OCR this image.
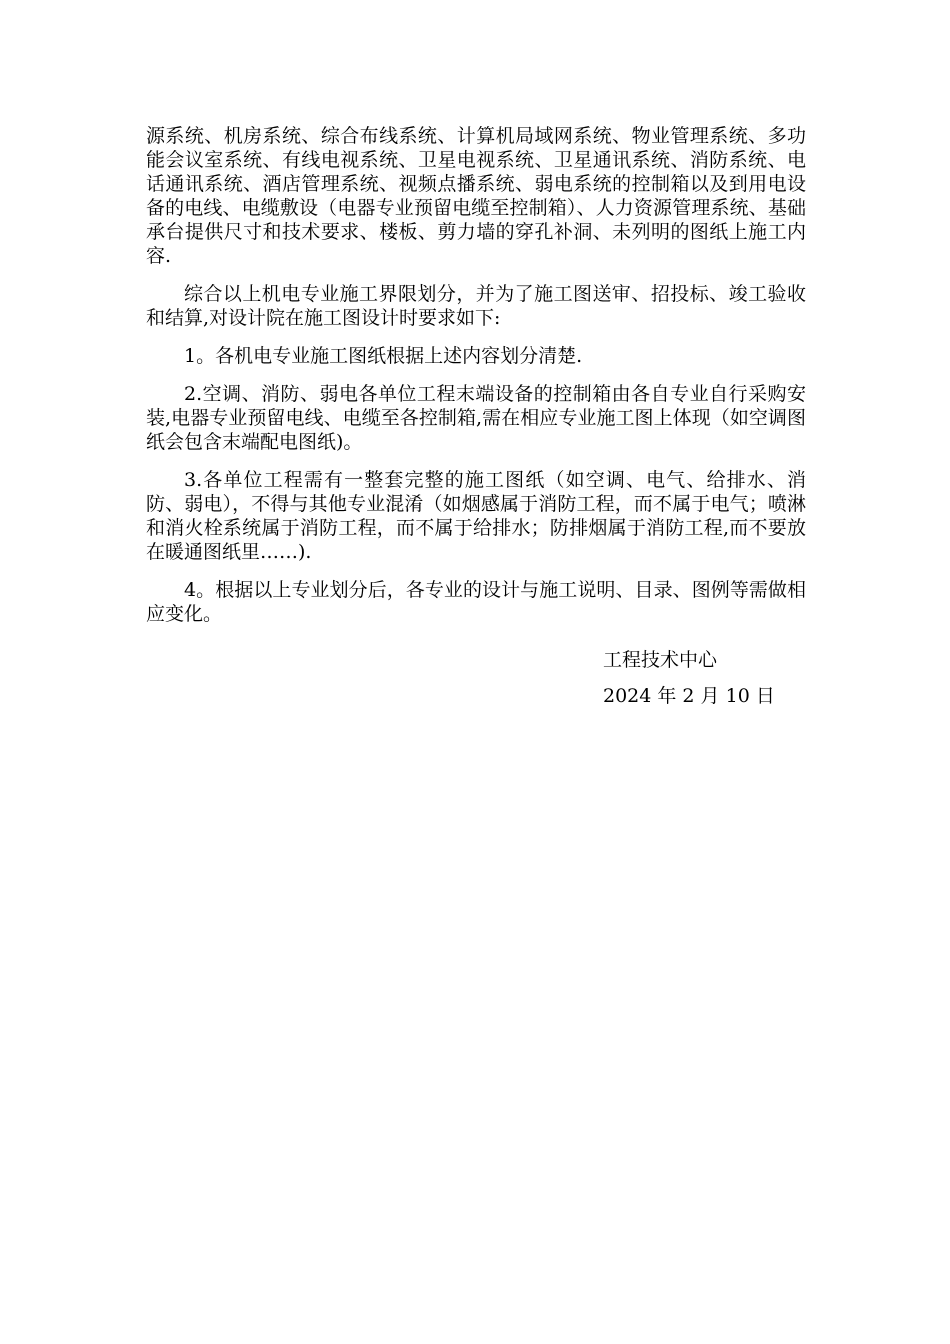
源系统、机房系统、综合布线系统、计算机局域网系统、物业管理系统、多功能会议室系统、有线电视系统、卫星电视系统、卫星通讯系统、消防系统、电话通讯系统、酒店管理系统、视频点播系统、弱电系统的控制箱以及到用电设备的电线、电缆敷设（电器专业预留电缆至控制箱）、人力资源管理系统、基础承台提供尺寸和技术要求、楼板、剪力墙的穿孔补洞、未列明的图纸上施工内容.

综合以上机电专业施工界限划分，并为了施工图送审、招投标、竣工验收和结算,对设计院在施工图设计时要求如下:

1。各机电专业施工图纸根据上述内容划分清楚.

2.空调、消防、弱电各单位工程末端设备的控制箱由各自专业自行采购安装,电器专业预留电线、电缆至各控制箱,需在相应专业施工图上体现（如空调图纸会包含末端配电图纸)。

3.各单位工程需有一整套完整的施工图纸（如空调、电气、给排水、消防、弱电），不得与其他专业混淆（如烟感属于消防工程，而不属于电气；喷淋和消火栓系统属于消防工程，而不属于给排水；防排烟属于消防工程,而不要放在暖通图纸里……).

4。根据以上专业划分后，各专业的设计与施工说明、目录、图例等需做相应变化。

工程技术中心
2024 年 2 月 10 日
